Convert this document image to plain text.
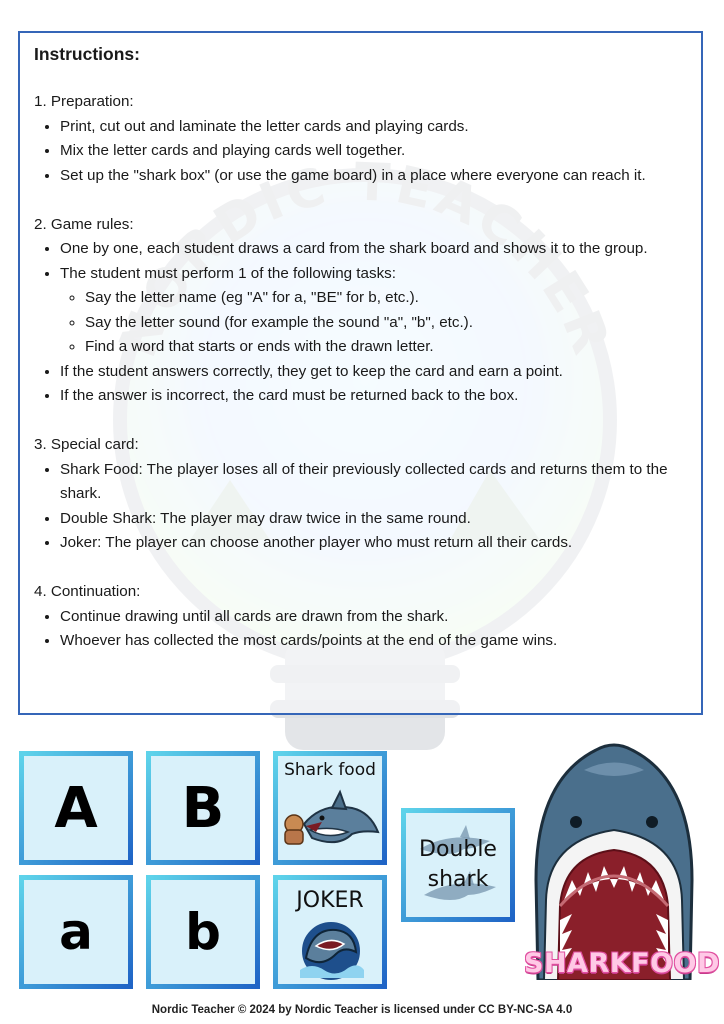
Instructions:

1. Preparation:

• Print, cut out and laminate the letter cards and playing cards.
• Mix the letter cards and playing cards well together.
• Set up the "shark box" (or use the game board) in a place where everyone can reach it.

2. Game rules:

• One by one, each student draws a card from the shark board and shows it to the group.
• The student must perform 1 of the following tasks:
◦ Say the letter name (eg "A" for a, "BE" for b, etc.).
◦ Say the letter sound (for example the sound "a", "b", etc.).
◦ Find a word that starts or ends with the drawn letter.
• If the student answers correctly, they get to keep the card and earn a point.
• If the answer is incorrect, the card must be returned back to the box.

3. Special card:

• Shark Food: The player loses all of their previously collected cards and returns them to the shark.
• Double Shark: The player may draw twice in the same round.
• Joker: The player can choose another player who must return all their cards.

4. Continuation:

• Continue drawing until all cards are drawn from the shark.
• Whoever has collected the most cards/points at the end of the game wins.
A B
a b
Shark food
JOKER
Double
shark
SHARKFOOD
Nordic Teacher © 2024 by Nordic Teacher is licensed under CC BY-NC-SA 4.0
